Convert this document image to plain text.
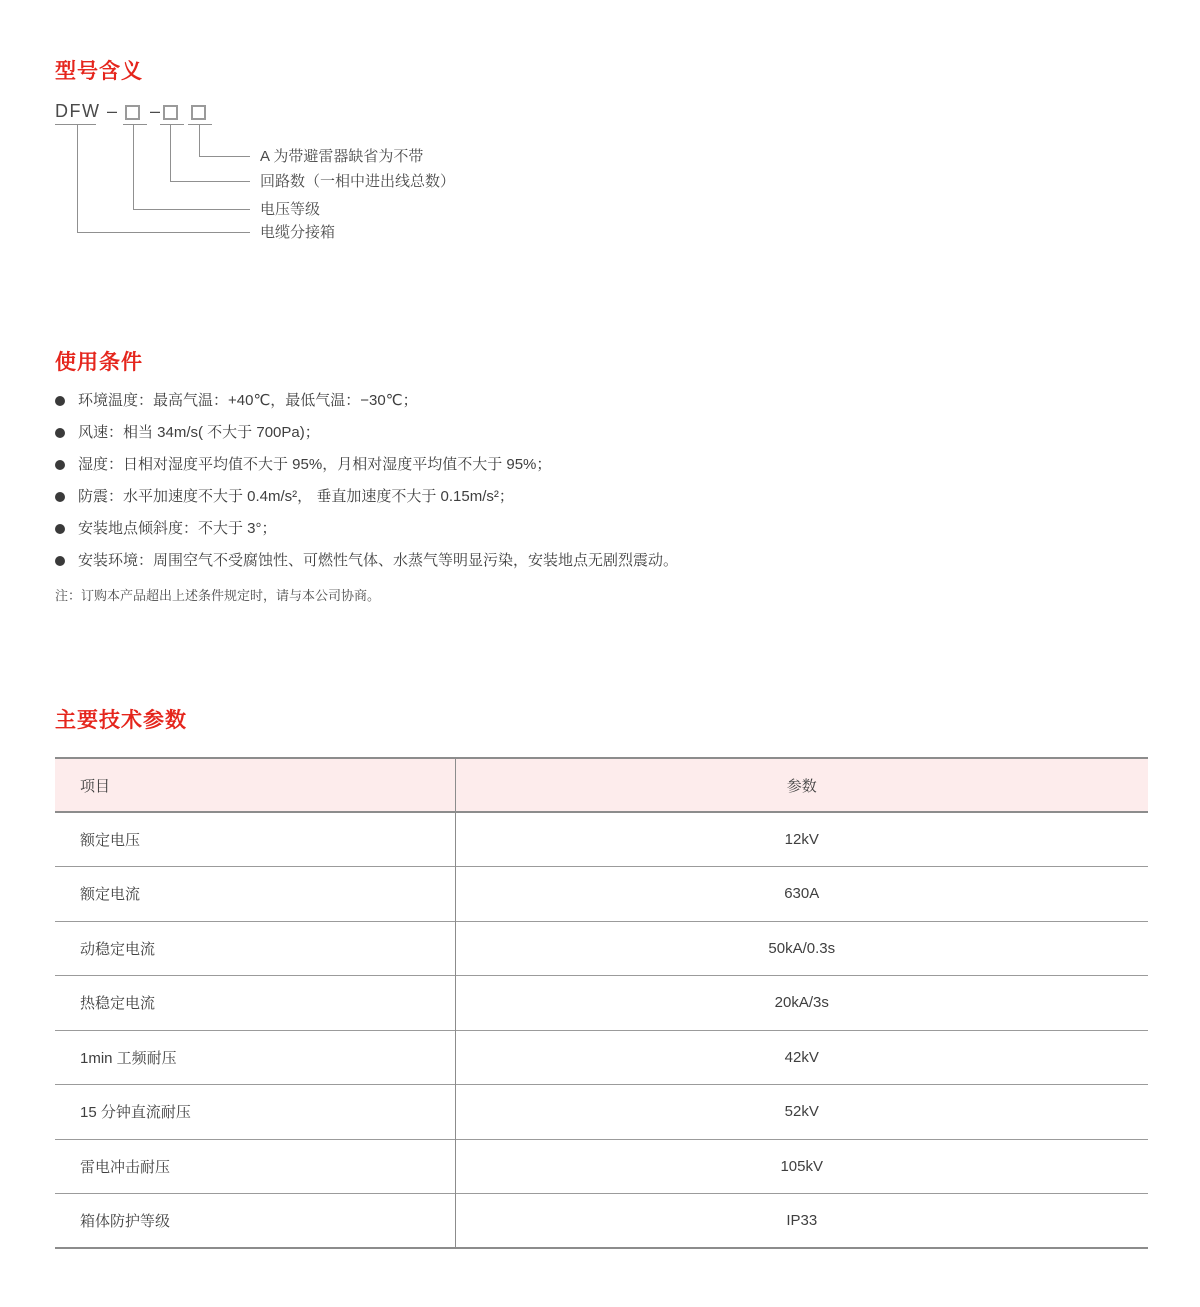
型号含义
DFW – –
A 为带避雷器缺省为不带
回路数（一相中进出线总数）
电压等级
电缆分接箱
使用条件
环境温度：最高气温：+40℃，最低气温：−30℃；
风速：相当 34m/s( 不大于 700Pa)；
湿度：日相对湿度平均值不大于 95%，月相对湿度平均值不大于 95%；
防震：水平加速度不大于 0.4m/s²， 垂直加速度不大于 0.15m/s²；
安装地点倾斜度：不大于 3°；
安装环境：周围空气不受腐蚀性、可燃性气体、水蒸气等明显污染，安装地点无剧烈震动。

注：订购本产品超出上述条件规定时，请与本公司协商。

主要技术参数
项目	参数
额定电压	12kV
额定电流	630A
动稳定电流	50kA/0.3s
热稳定电流	20kA/3s
1min 工频耐压	42kV
15 分钟直流耐压	52kV
雷电冲击耐压	105kV
箱体防护等级	IP33
